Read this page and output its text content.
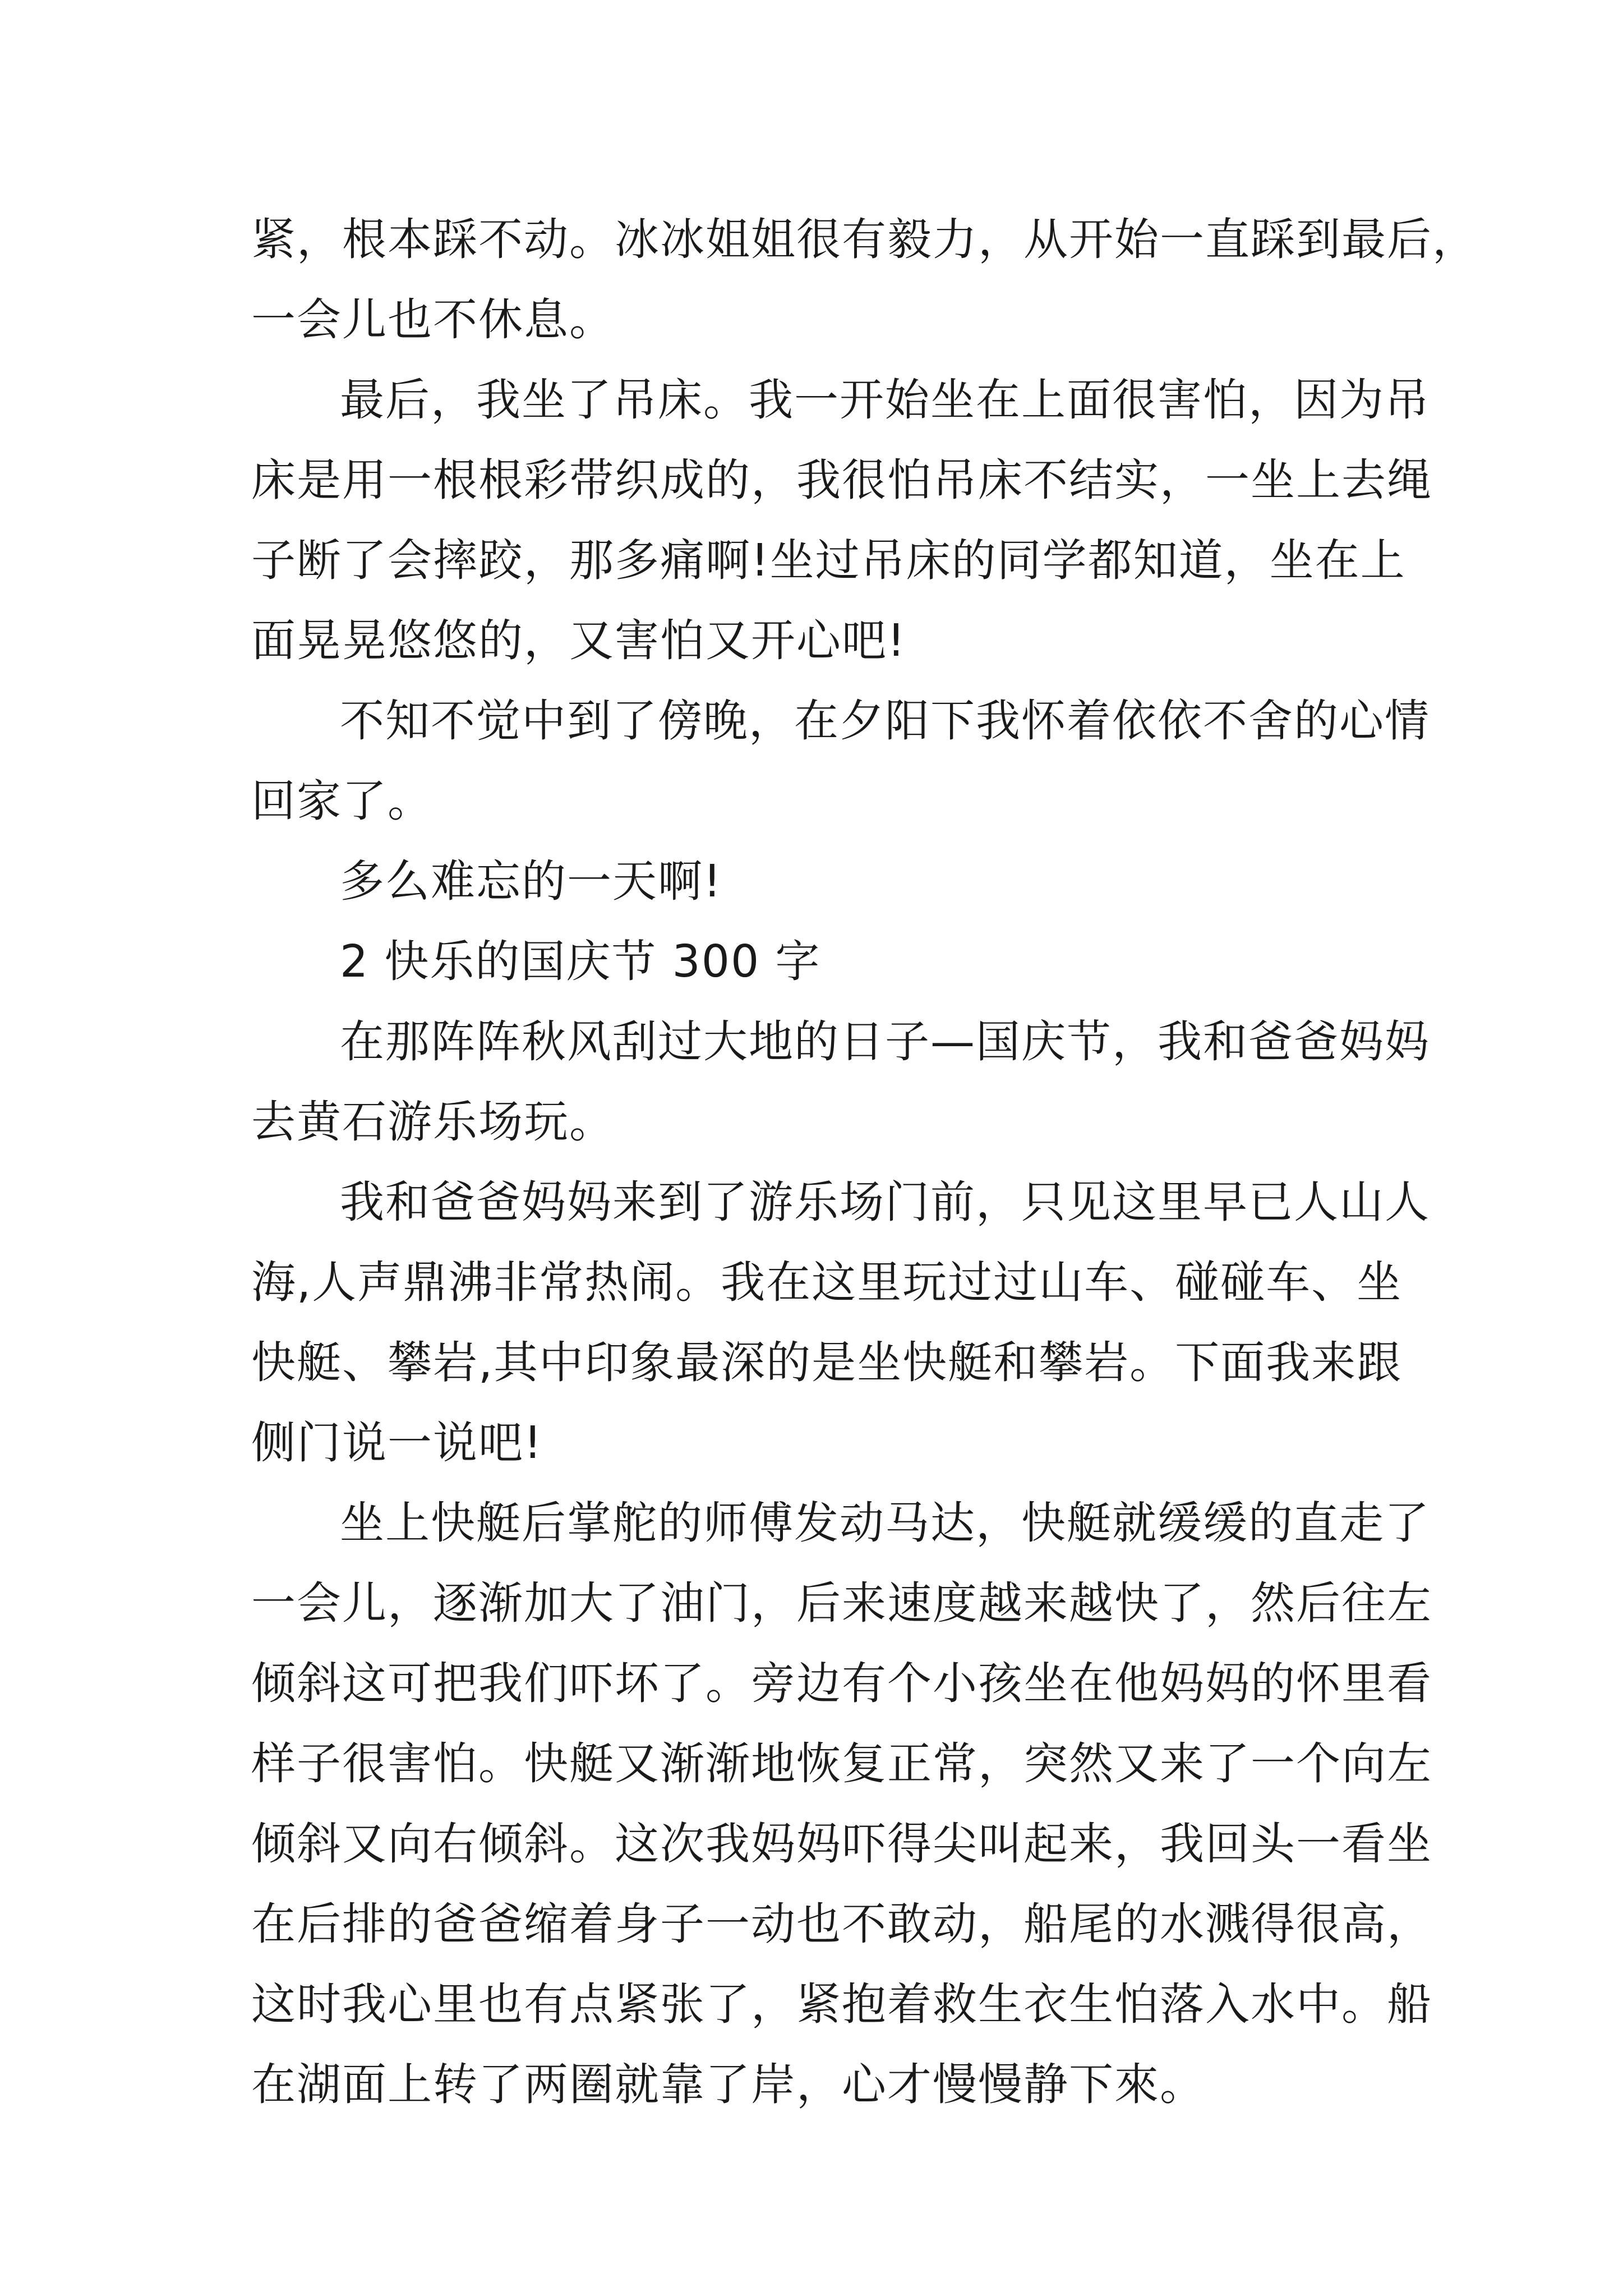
紧，根本踩不动。冰冰姐姐很有毅力，从开始一直踩到最后，
一会儿也不休息。
最后，我坐了吊床。我一开始坐在上面很害怕，因为吊
床是用一根根彩带织成的，我很怕吊床不结实，一坐上去绳
子断了会摔跤，那多痛啊!坐过吊床的同学都知道，坐在上
面晃晃悠悠的，又害怕又开心吧!
不知不觉中到了傍晚，在夕阳下我怀着依依不舍的心情
回家了。
多么难忘的一天啊!
2 快乐的国庆节 300 字
在那阵阵秋风刮过大地的日子—国庆节，我和爸爸妈妈
去黄石游乐场玩。
我和爸爸妈妈来到了游乐场门前，只见这里早已人山人
海,人声鼎沸非常热闹。我在这里玩过过山车、碰碰车、坐
快艇、攀岩,其中印象最深的是坐快艇和攀岩。下面我来跟
侧门说一说吧!
坐上快艇后掌舵的师傅发动马达，快艇就缓缓的直走了
一会儿，逐渐加大了油门，后来速度越来越快了，然后往左
倾斜这可把我们吓坏了。旁边有个小孩坐在他妈妈的怀里看
样子很害怕。快艇又渐渐地恢复正常，突然又来了一个向左
倾斜又向右倾斜。这次我妈妈吓得尖叫起来，我回头一看坐
在后排的爸爸缩着身子一动也不敢动，船尾的水溅得很高，
这时我心里也有点紧张了，紧抱着救生衣生怕落入水中。船
在湖面上转了两圈就靠了岸，心才慢慢静下來。
